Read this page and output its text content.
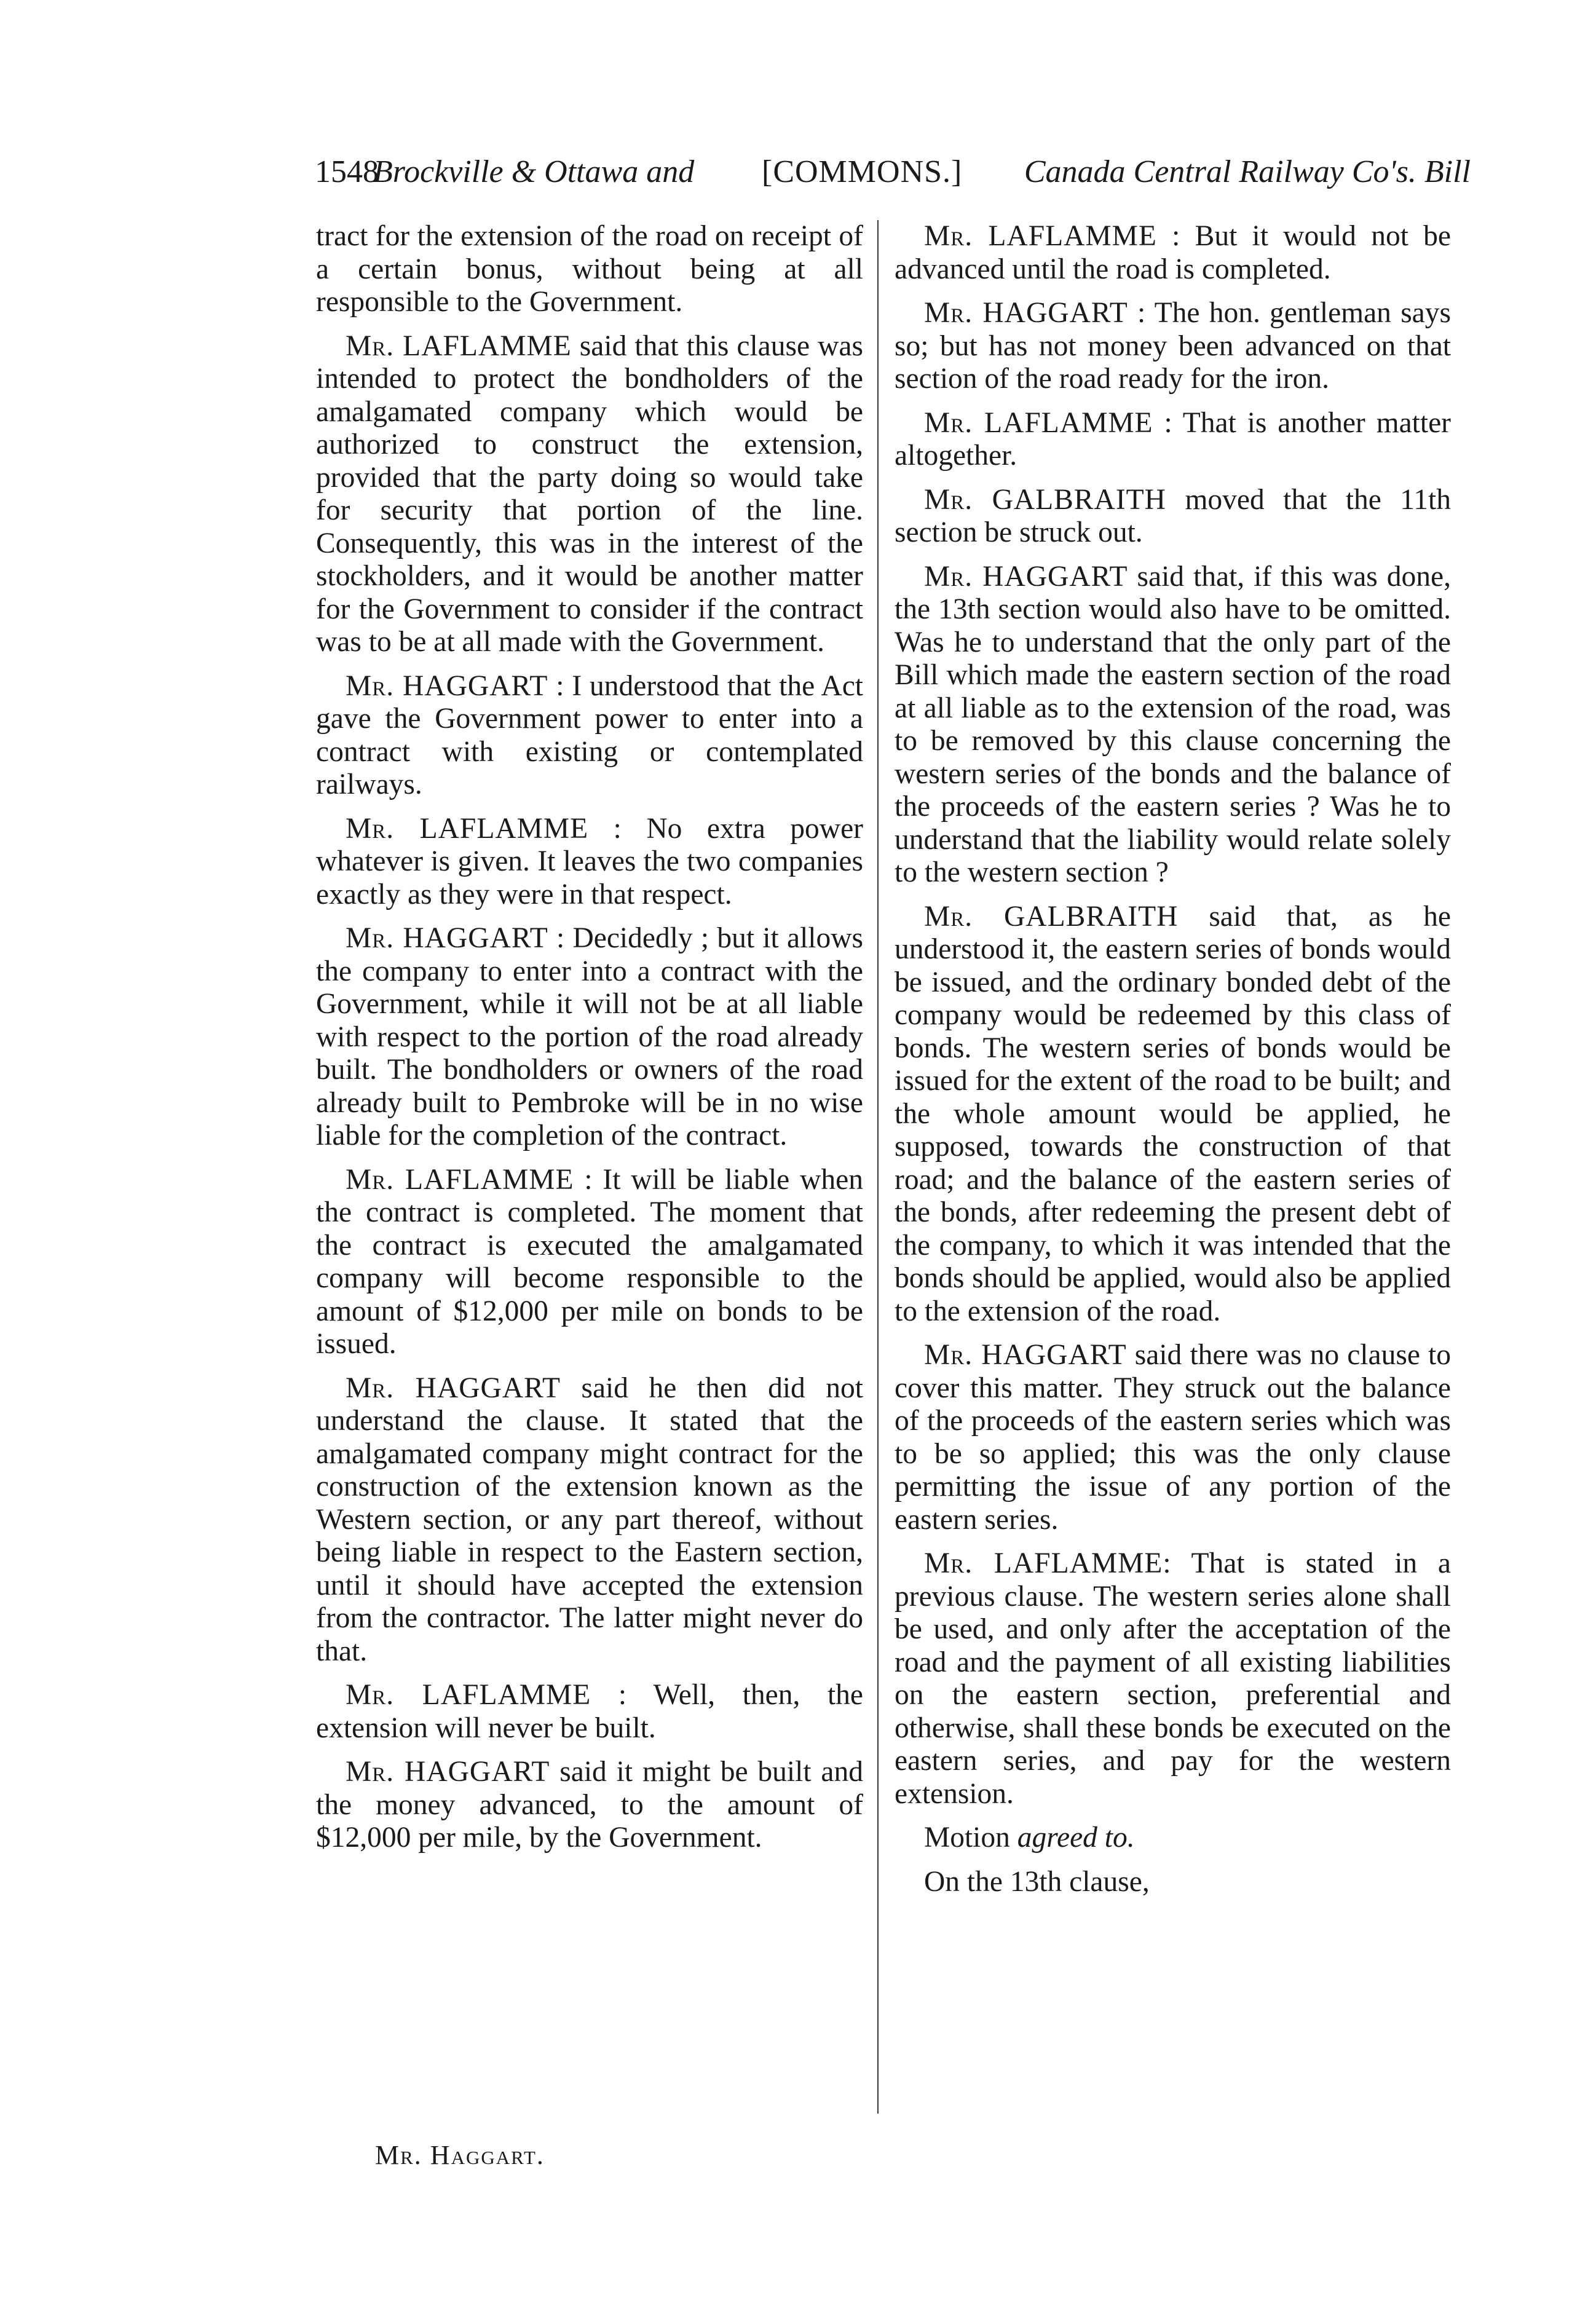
1548
Brockville & Ottawa and [COMMONS.] Canada Central Railway Co's. Bill

tract for the extension of the road on receipt of a certain bonus, without being at all responsible to the Government.

Mr. LAFLAMME said that this clause was intended to protect the bondholders of the amalgamated company which would be authorized to construct the extension, provided that the party doing so would take for security that portion of the line. Consequently, this was in the interest of the stockholders, and it would be another matter for the Government to consider if the contract was to be at all made with the Government.

Mr. HAGGART : I understood that the Act gave the Government power to enter into a contract with existing or contemplated railways.

Mr. LAFLAMME : No extra power whatever is given. It leaves the two companies exactly as they were in that respect.

Mr. HAGGART : Decidedly ; but it allows the company to enter into a contract with the Government, while it will not be at all liable with respect to the portion of the road already built. The bondholders or owners of the road already built to Pembroke will be in no wise liable for the completion of the contract.

Mr. LAFLAMME : It will be liable when the contract is completed. The moment that the contract is executed the amalgamated company will become responsible to the amount of $12,000 per mile on bonds to be issued.

Mr. HAGGART said he then did not understand the clause. It stated that the amalgamated company might contract for the construction of the extension known as the Western section, or any part thereof, without being liable in respect to the Eastern section, until it should have accepted the extension from the contractor. The latter might never do that.

Mr. LAFLAMME : Well, then, the extension will never be built.

Mr. HAGGART said it might be built and the money advanced, to the amount of $12,000 per mile, by the Government.

Mr. LAFLAMME : But it would not be advanced until the road is completed.

Mr. HAGGART : The hon. gentleman says so; but has not money been advanced on that section of the road ready for the iron.

Mr. LAFLAMME : That is another matter altogether.

Mr. GALBRAITH moved that the 11th section be struck out.

Mr. HAGGART said that, if this was done, the 13th section would also have to be omitted. Was he to understand that the only part of the Bill which made the eastern section of the road at all liable as to the extension of the road, was to be removed by this clause concerning the western series of the bonds and the balance of the proceeds of the eastern series ? Was he to understand that the liability would relate solely to the western section ?

Mr. GALBRAITH said that, as he understood it, the eastern series of bonds would be issued, and the ordinary bonded debt of the company would be redeemed by this class of bonds. The western series of bonds would be issued for the extent of the road to be built; and the whole amount would be applied, he supposed, towards the construction of that road; and the balance of the eastern series of the bonds, after redeeming the present debt of the company, to which it was intended that the bonds should be applied, would also be applied to the extension of the road.

Mr. HAGGART said there was no clause to cover this matter. They struck out the balance of the proceeds of the eastern series which was to be so applied; this was the only clause permitting the issue of any portion of the eastern series.

Mr. LAFLAMME: That is stated in a previous clause. The western series alone shall be used, and only after the acceptation of the road and the payment of all existing liabilities on the eastern section, preferential and otherwise, shall these bonds be executed on the eastern series, and pay for the western extension.

Motion agreed to.

On the 13th clause,

Mr. Haggart.
